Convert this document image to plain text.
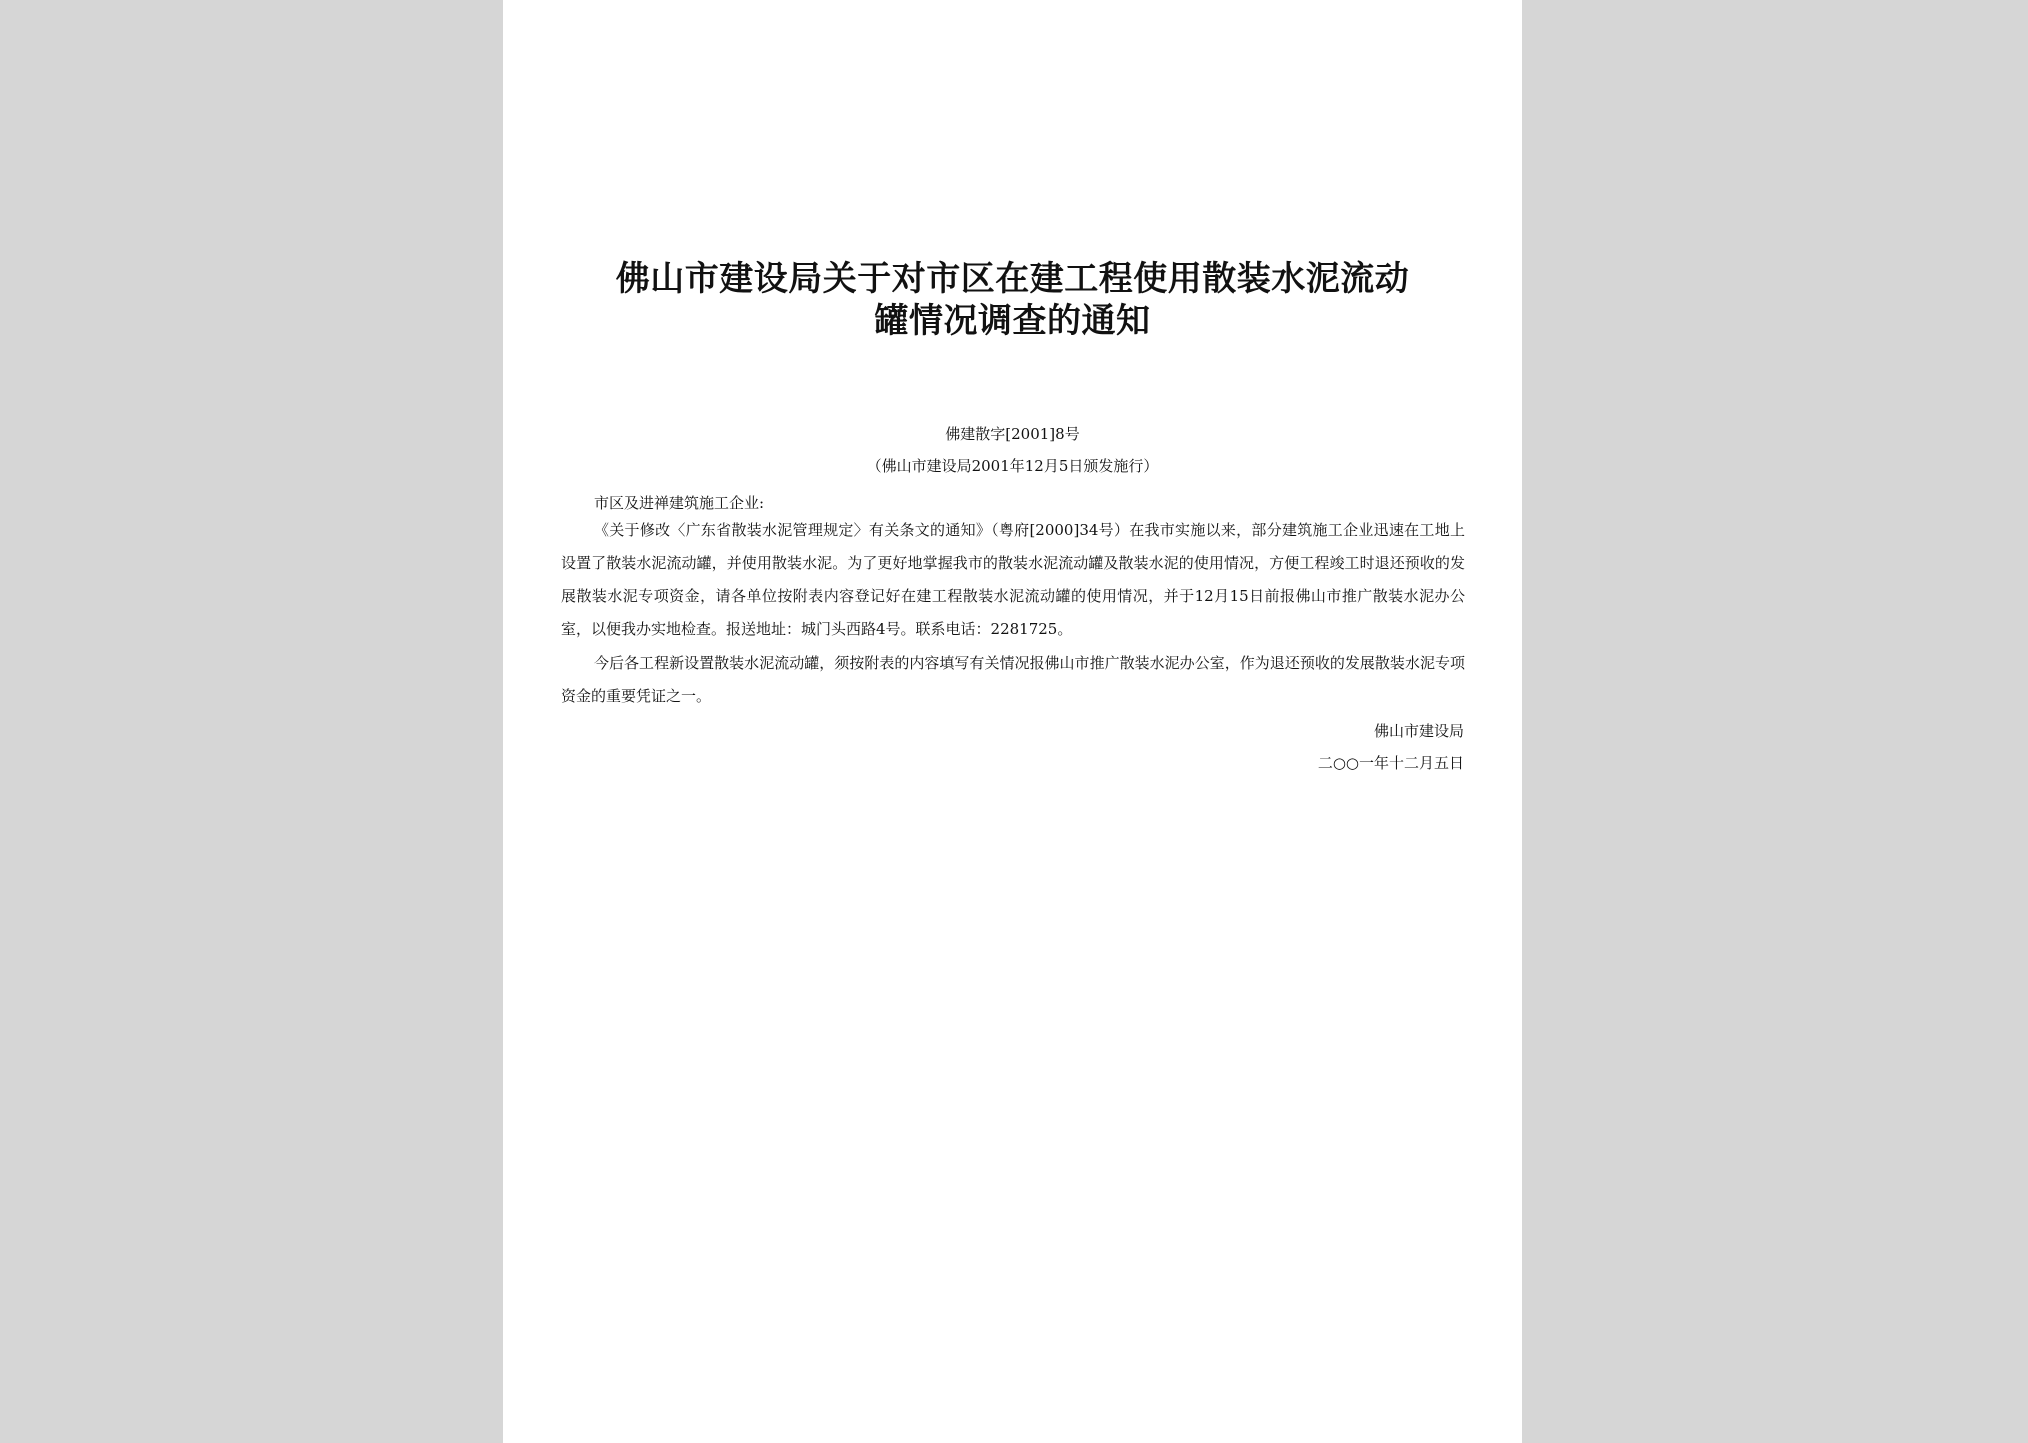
佛山市建设局关于对市区在建工程使用散装水泥流动
罐情况调查的通知
佛建散字[2001]8号
（佛山市建设局2001年12月5日颁发施行）
市区及进禅建筑施工企业:
《关于修改〈广东省散装水泥管理规定〉有关条文的通知》（粤府[2000]34号）在我市实施以来，部分建筑施工企业迅速在工地上设置了散装水泥流动罐，并使用散装水泥。为了更好地掌握我市的散装水泥流动罐及散装水泥的使用情况，方便工程竣工时退还预收的发展散装水泥专项资金，请各单位按附表内容登记好在建工程散装水泥流动罐的使用情况，并于12月15日前报佛山市推广散装水泥办公室，以便我办实地检查。报送地址：城门头西路4号。联系电话：2281725。
今后各工程新设置散装水泥流动罐，须按附表的内容填写有关情况报佛山市推广散装水泥办公室，作为退还预收的发展散装水泥专项资金的重要凭证之一。
佛山市建设局
二○○一年十二月五日
